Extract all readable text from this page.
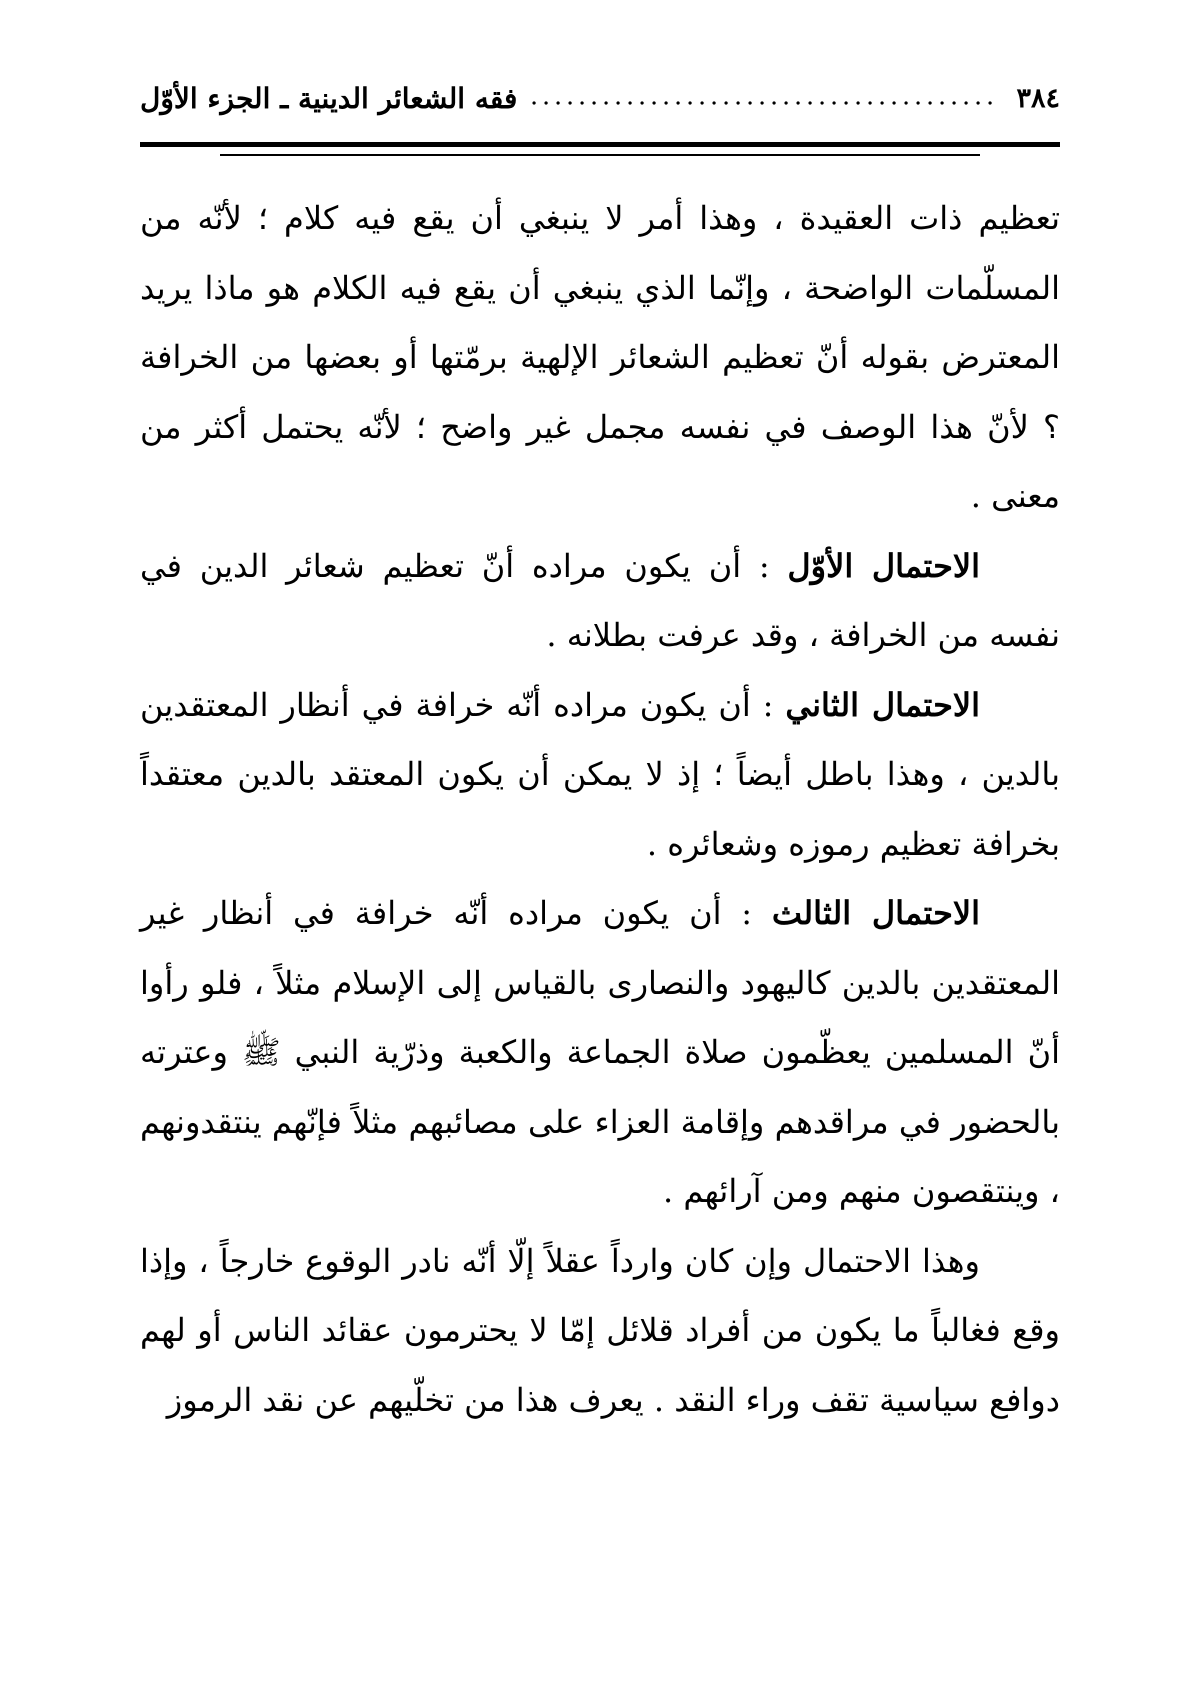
٣٨٤
فقه الشعائر الدينية ـ الجزء الأوّل

تعظيم ذات العقيدة ، وهذا أمر لا ينبغي أن يقع فيه كلام ؛ لأنّه من المسلّمات الواضحة ، وإنّما الذي ينبغي أن يقع فيه الكلام هو ماذا يريد المعترض بقوله أنّ تعظيم الشعائر الإلهية برمّتها أو بعضها من الخرافة ؟ لأنّ هذا الوصف في نفسه مجمل غير واضح ؛ لأنّه يحتمل أكثر من معنى .

الاحتمال الأوّل : أن يكون مراده أنّ تعظيم شعائر الدين في نفسه من الخرافة ، وقد عرفت بطلانه .

الاحتمال الثاني : أن يكون مراده أنّه خرافة في أنظار المعتقدين بالدين ، وهذا باطل أيضاً ؛ إذ لا يمكن أن يكون المعتقد بالدين معتقداً بخرافة تعظيم رموزه وشعائره .

الاحتمال الثالث : أن يكون مراده أنّه خرافة في أنظار غير المعتقدين بالدين كاليهود والنصارى بالقياس إلى الإسلام مثلاً ، فلو رأوا أنّ المسلمين يعظّمون صلاة الجماعة والكعبة وذرّية النبي ﷺ وعترته بالحضور في مراقدهم وإقامة العزاء على مصائبهم مثلاً فإنّهم ينتقدونهم ، وينتقصون منهم ومن آرائهم .

وهذا الاحتمال وإن كان وارداً عقلاً إلّا أنّه نادر الوقوع خارجاً ، وإذا وقع فغالباً ما يكون من أفراد قلائل إمّا لا يحترمون عقائد الناس أو لهم دوافع سياسية تقف وراء النقد . يعرف هذا من تخلّيهم عن نقد الرموز
